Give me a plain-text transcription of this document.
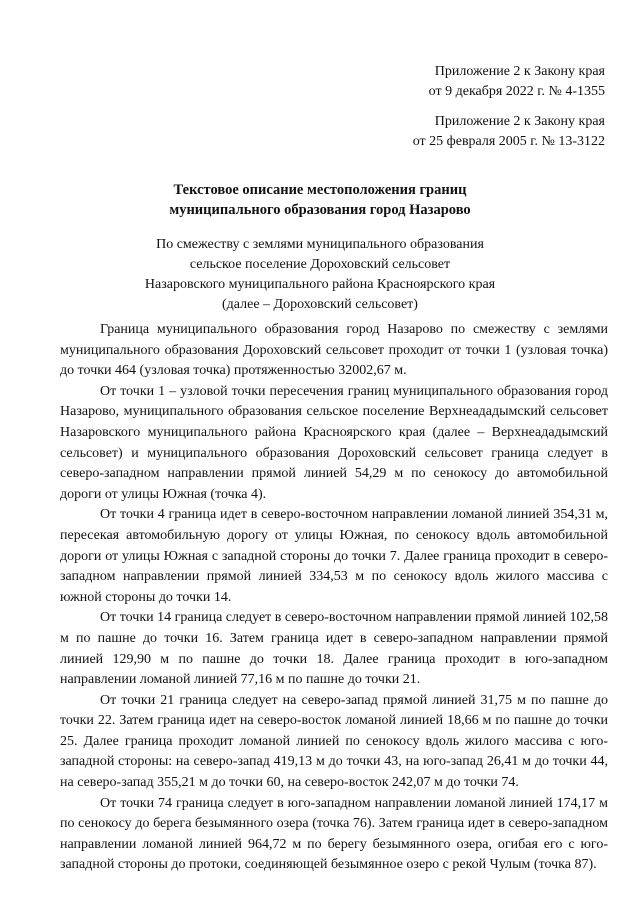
Приложение 2 к Закону края
от 9 декабря 2022 г. № 4-1355
Приложение 2 к Закону края
от 25 февраля 2005 г. № 13-3122
Текстовое описание местоположения границ
муниципального образования город Назарово
По смежеству с землями муниципального образования
сельское поселение Дороховский сельсовет
Назаровского муниципального района Красноярского края
(далее – Дороховский сельсовет)

Граница муниципального образования город Назарово по смежеству с землями муниципального образования Дороховский сельсовет проходит от точки 1 (узловая точка) до точки 464 (узловая точка) протяженностью 32002,67 м.

От точки 1 – узловой точки пересечения границ муниципального образования город Назарово, муниципального образования сельское поселение Верхнеададымский сельсовет Назаровского муниципального района Красноярского края (далее – Верхнеададымский сельсовет) и муниципального образования Дороховский сельсовет граница следует в северо-западном направлении прямой линией 54,29 м по сенокосу до автомобильной дороги от улицы Южная (точка 4).

От точки 4 граница идет в северо-восточном направлении ломаной линией 354,31 м, пересекая автомобильную дорогу от улицы Южная, по сенокосу вдоль автомобильной дороги от улицы Южная с западной стороны до точки 7. Далее граница проходит в северо-западном направлении прямой линией 334,53 м по сенокосу вдоль жилого массива с южной стороны до точки 14.

От точки 14 граница следует в северо-восточном направлении прямой линией 102,58 м по пашне до точки 16. Затем граница идет в северо-западном направлении прямой линией 129,90 м по пашне до точки 18. Далее граница проходит в юго-западном направлении ломаной линией 77,16 м по пашне до точки 21.

От точки 21 граница следует на северо-запад прямой линией 31,75 м по пашне до точки 22. Затем граница идет на северо-восток ломаной линией 18,66 м по пашне до точки 25. Далее граница проходит ломаной линией по сенокосу вдоль жилого массива с юго-западной стороны: на северо-запад 419,13 м до точки 43, на юго-запад 26,41 м до точки 44, на северо-запад 355,21 м до точки 60, на северо-восток 242,07 м до точки 74.

От точки 74 граница следует в юго-западном направлении ломаной линией 174,17 м по сенокосу до берега безымянного озера (точка 76). Затем граница идет в северо-западном направлении ломаной линией 964,72 м по берегу безымянного озера, огибая его с юго-западной стороны до протоки, соединяющей безымянное озеро с рекой Чулым (точка 87).
